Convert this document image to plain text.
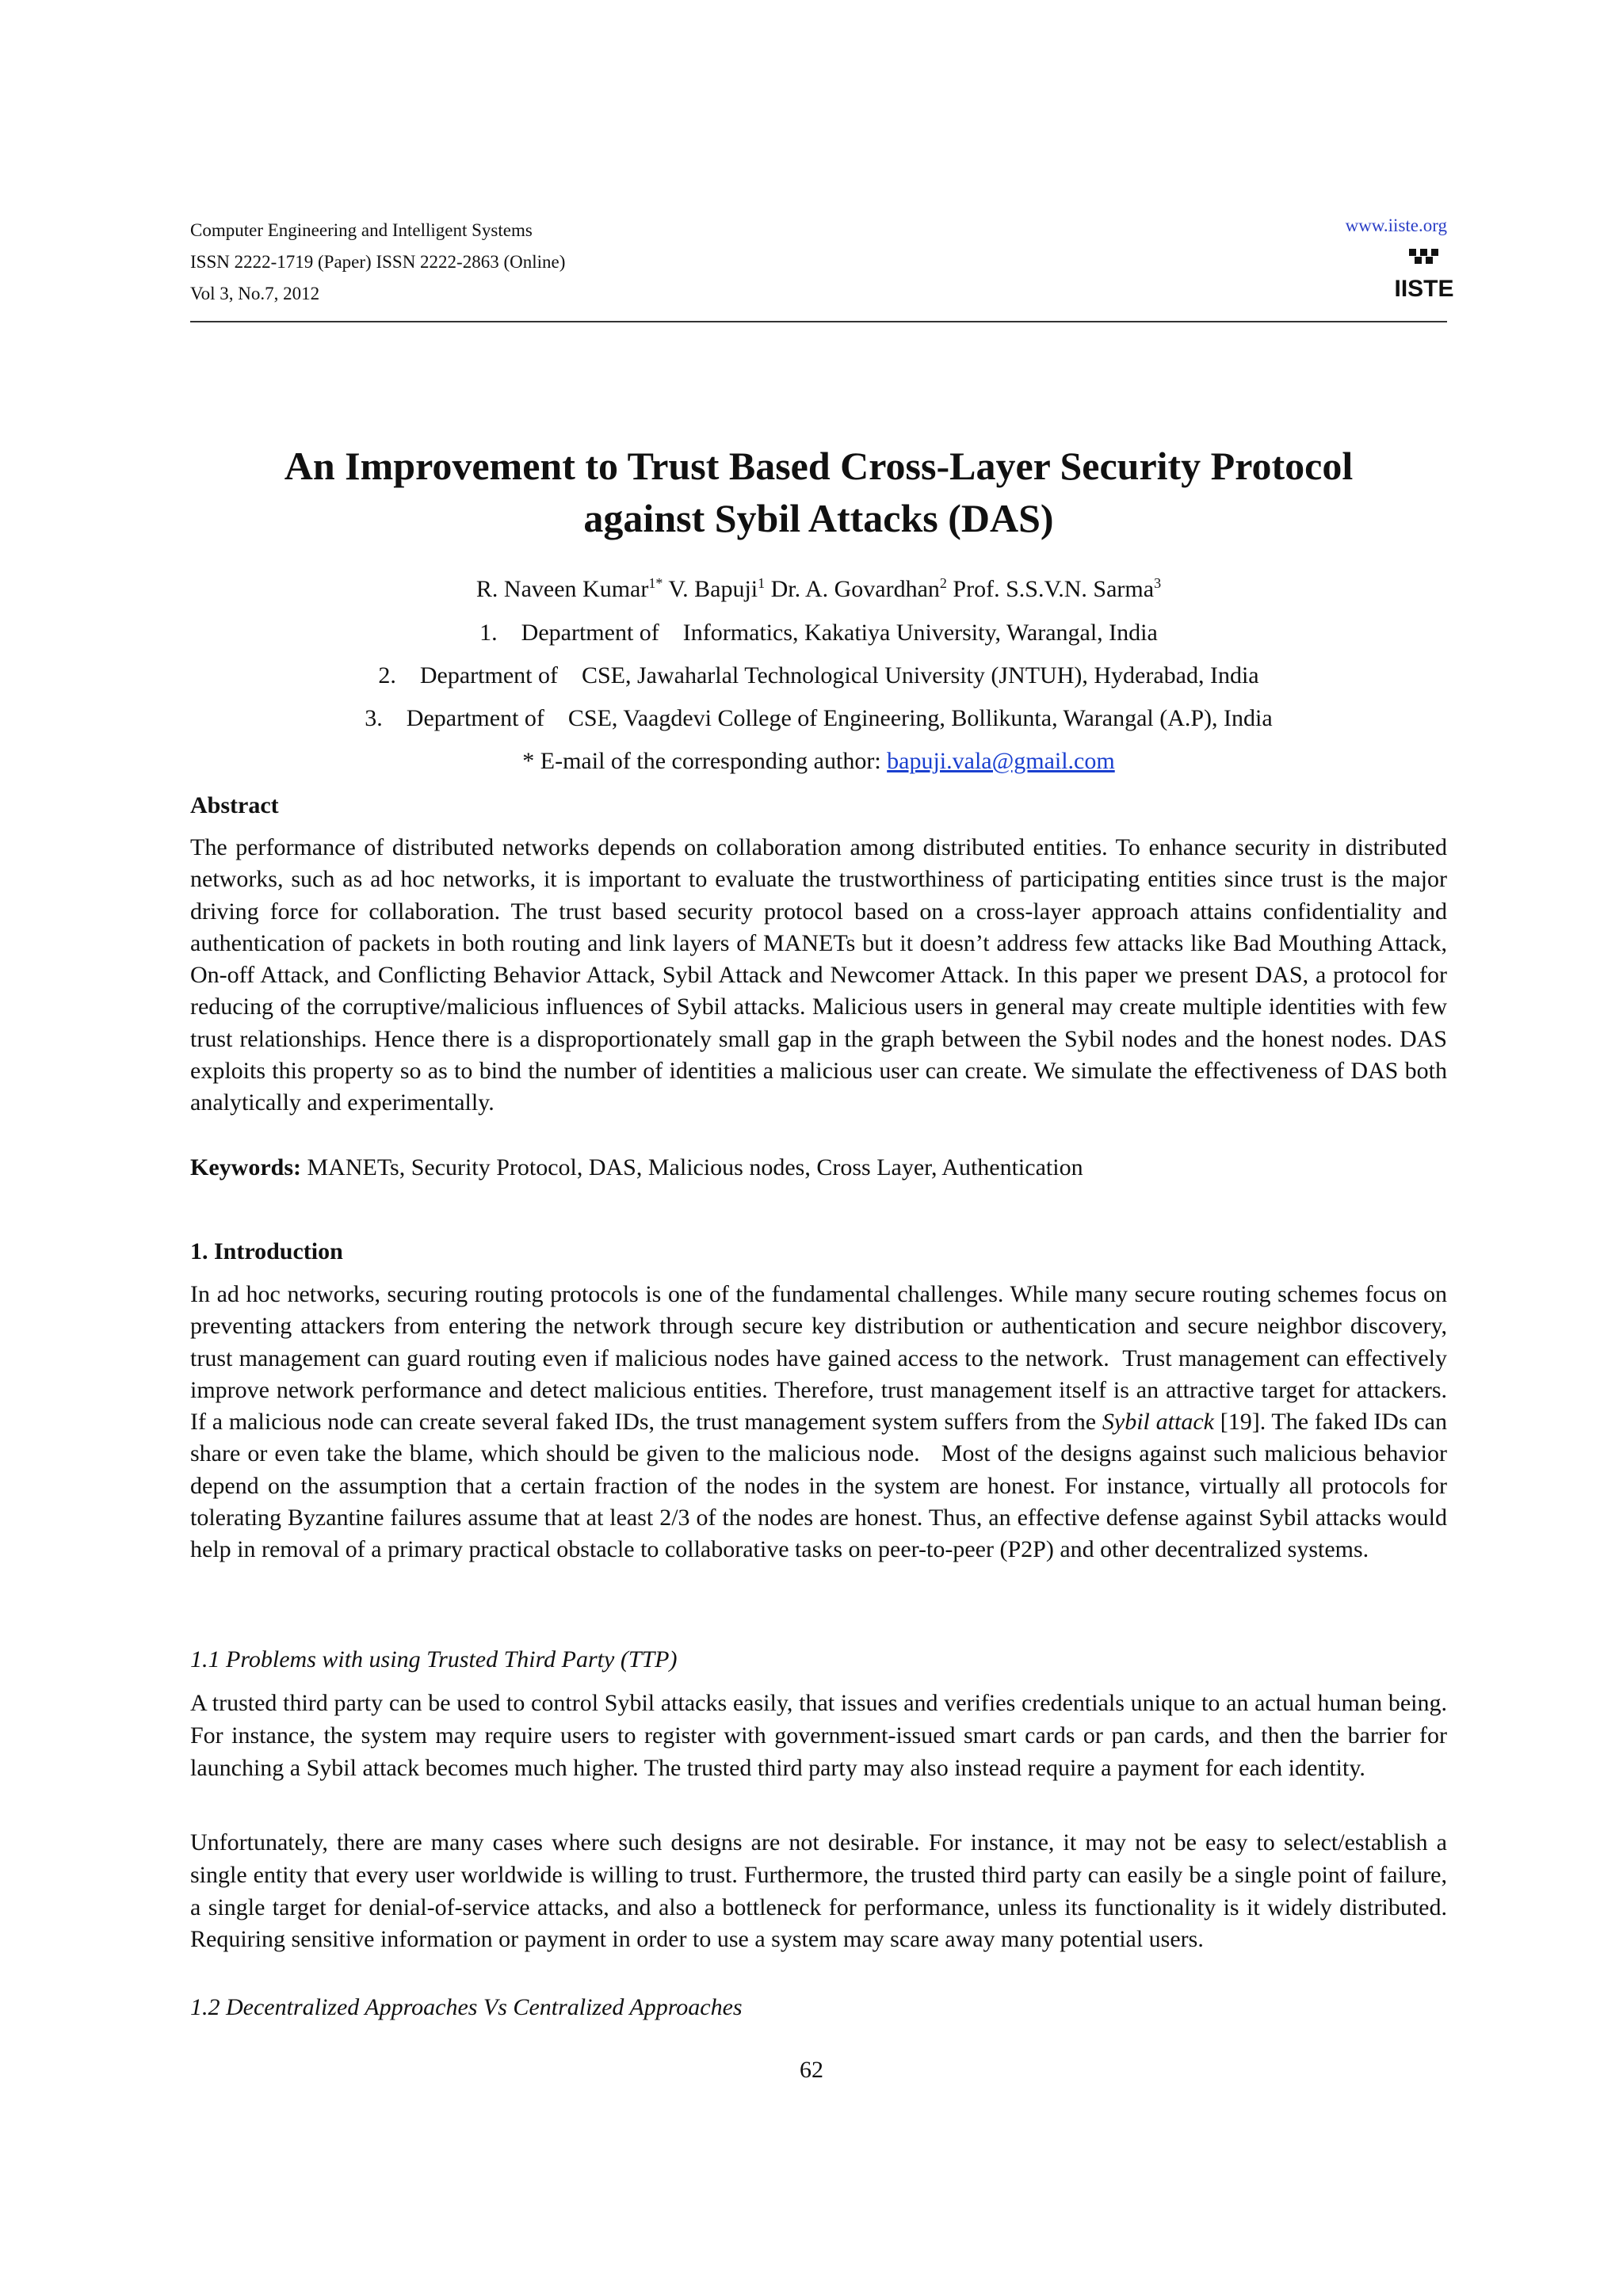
Computer Engineering and Intelligent Systems
ISSN 2222-1719 (Paper) ISSN 2222-2863 (Online)
Vol 3, No.7, 2012
www.iiste.org
IISTE
An Improvement to Trust Based Cross-Layer Security Protocol
against Sybil Attacks (DAS)
R. Naveen Kumar$^{1*}$ V. Bapuji$^1$ Dr. A. Govardhan$^2$ Prof. S.S.V.N. Sarma$^3$
1.    Department of    Informatics, Kakatiya University, Warangal, India
2.    Department of    CSE, Jawaharlal Technological University (JNTUH), Hyderabad, India
3.    Department of    CSE, Vaagdevi College of Engineering, Bollikunta, Warangal (A.P), India
* E-mail of the corresponding author: bapuji.vala@gmail.com
Abstract

The performance of distributed networks depends on collaboration among distributed entities. To enhance security in distributed networks, such as ad hoc networks, it is important to evaluate the trustworthiness of participating entities since trust is the major driving force for collaboration. The trust based security protocol based on a cross-layer approach attains confidentiality and authentication of packets in both routing and link layers of MANETs but it doesn’t address few attacks like Bad Mouthing Attack, On-off Attack, and Conflicting Behavior Attack, Sybil Attack and Newcomer Attack. In this paper we present DAS, a protocol for reducing of the corruptive/malicious influences of Sybil attacks. Malicious users in general may create multiple identities with few trust relationships. Hence there is a disproportionately small gap in the graph between the Sybil nodes and the honest nodes. DAS exploits this property so as to bind the number of identities a malicious user can create. We simulate the effectiveness of DAS both analytically and experimentally.

Keywords: MANETs, Security Protocol, DAS, Malicious nodes, Cross Layer, Authentication
1. Introduction

In ad hoc networks, securing routing protocols is one of the fundamental challenges. While many secure routing schemes focus on preventing attackers from entering the network through secure key distribution or authentication and secure neighbor discovery, trust management can guard routing even if malicious nodes have gained access to the network.  Trust management can effectively improve network performance and detect malicious entities. Therefore, trust management itself is an attractive target for attackers. If a malicious node can create several faked IDs, the trust management system suffers from the Sybil attack [19]. The faked IDs can share or even take the blame, which should be given to the malicious node.   Most of the designs against such malicious behavior depend on the assumption that a certain fraction of the nodes in the system are honest. For instance, virtually all protocols for tolerating Byzantine failures assume that at least 2/3 of the nodes are honest. Thus, an effective defense against Sybil attacks would help in removal of a primary practical obstacle to collaborative tasks on peer-to-peer (P2P) and other decentralized systems.

1.1 Problems with using Trusted Third Party (TTP)

A trusted third party can be used to control Sybil attacks easily, that issues and verifies credentials unique to an actual human being. For instance, the system may require users to register with government-issued smart cards or pan cards, and then the barrier for launching a Sybil attack becomes much higher. The trusted third party may also instead require a payment for each identity.

Unfortunately, there are many cases where such designs are not desirable. For instance, it may not be easy to select/establish a single entity that every user worldwide is willing to trust. Furthermore, the trusted third party can easily be a single point of failure, a single target for denial-of-service attacks, and also a bottleneck for performance, unless its functionality is it widely distributed. Requiring sensitive information or payment in order to use a system may scare away many potential users.

1.2 Decentralized Approaches Vs Centralized Approaches
62
